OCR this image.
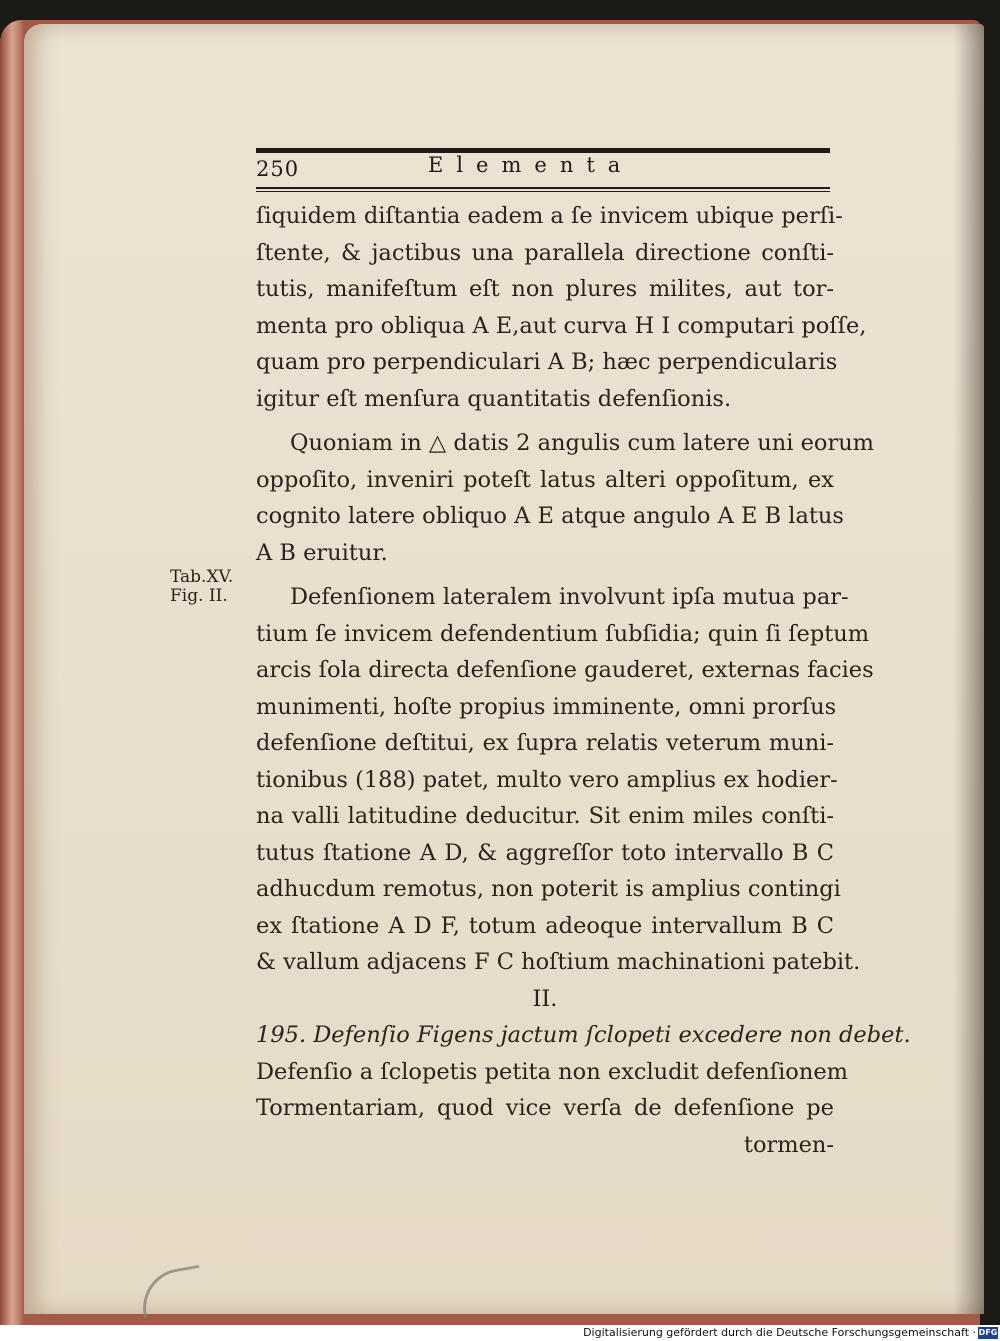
250	Elementa
Tab.XV.
Fig. II.
ſiquidem diſtantia eadem a ſe invicem ubique perſi-
ſtente, & jactibus una parallela directione conſti-
tutis, manifeſtum eſt non plures milites, aut tor-
menta pro obliqua A E,aut curva H I computari poſſe,
quam pro perpendiculari A B; hæc perpendicularis
igitur eſt menſura quantitatis defenſionis.
Quoniam in △ datis 2 angulis cum latere uni eorum
oppoſito, inveniri poteſt latus alteri oppoſitum, ex
cognito latere obliquo A E atque angulo A E B latus
A B eruitur.
Defenſionem lateralem involvunt ipſa mutua par-
tium ſe invicem defendentium ſubſidia; quin ſi ſeptum
arcis ſola directa defenſione gauderet, externas facies
munimenti, hoſte propius imminente, omni prorſus
defenſione deſtitui, ex ſupra relatis veterum muni-
tionibus (188) patet, multo vero amplius ex hodier-
na valli latitudine deducitur. Sit enim miles conſti-
tutus ſtatione A D, & aggreſſor toto intervallo B C
adhucdum remotus, non poterit is amplius contingi
ex ſtatione A D F, totum adeoque intervallum B C
& vallum adjacens F C hoſtium machinationi patebit.
II.
195. Defenſio Figens jactum ſclopeti excedere non debet.
Defenſio a ſclopetis petita non excludit defenſionem
Tormentariam, quod vice verſa de defenſione pe
tormen-
Digitalisierung gefördert durch die Deutsche Forschungsgemeinschaft · DFG
